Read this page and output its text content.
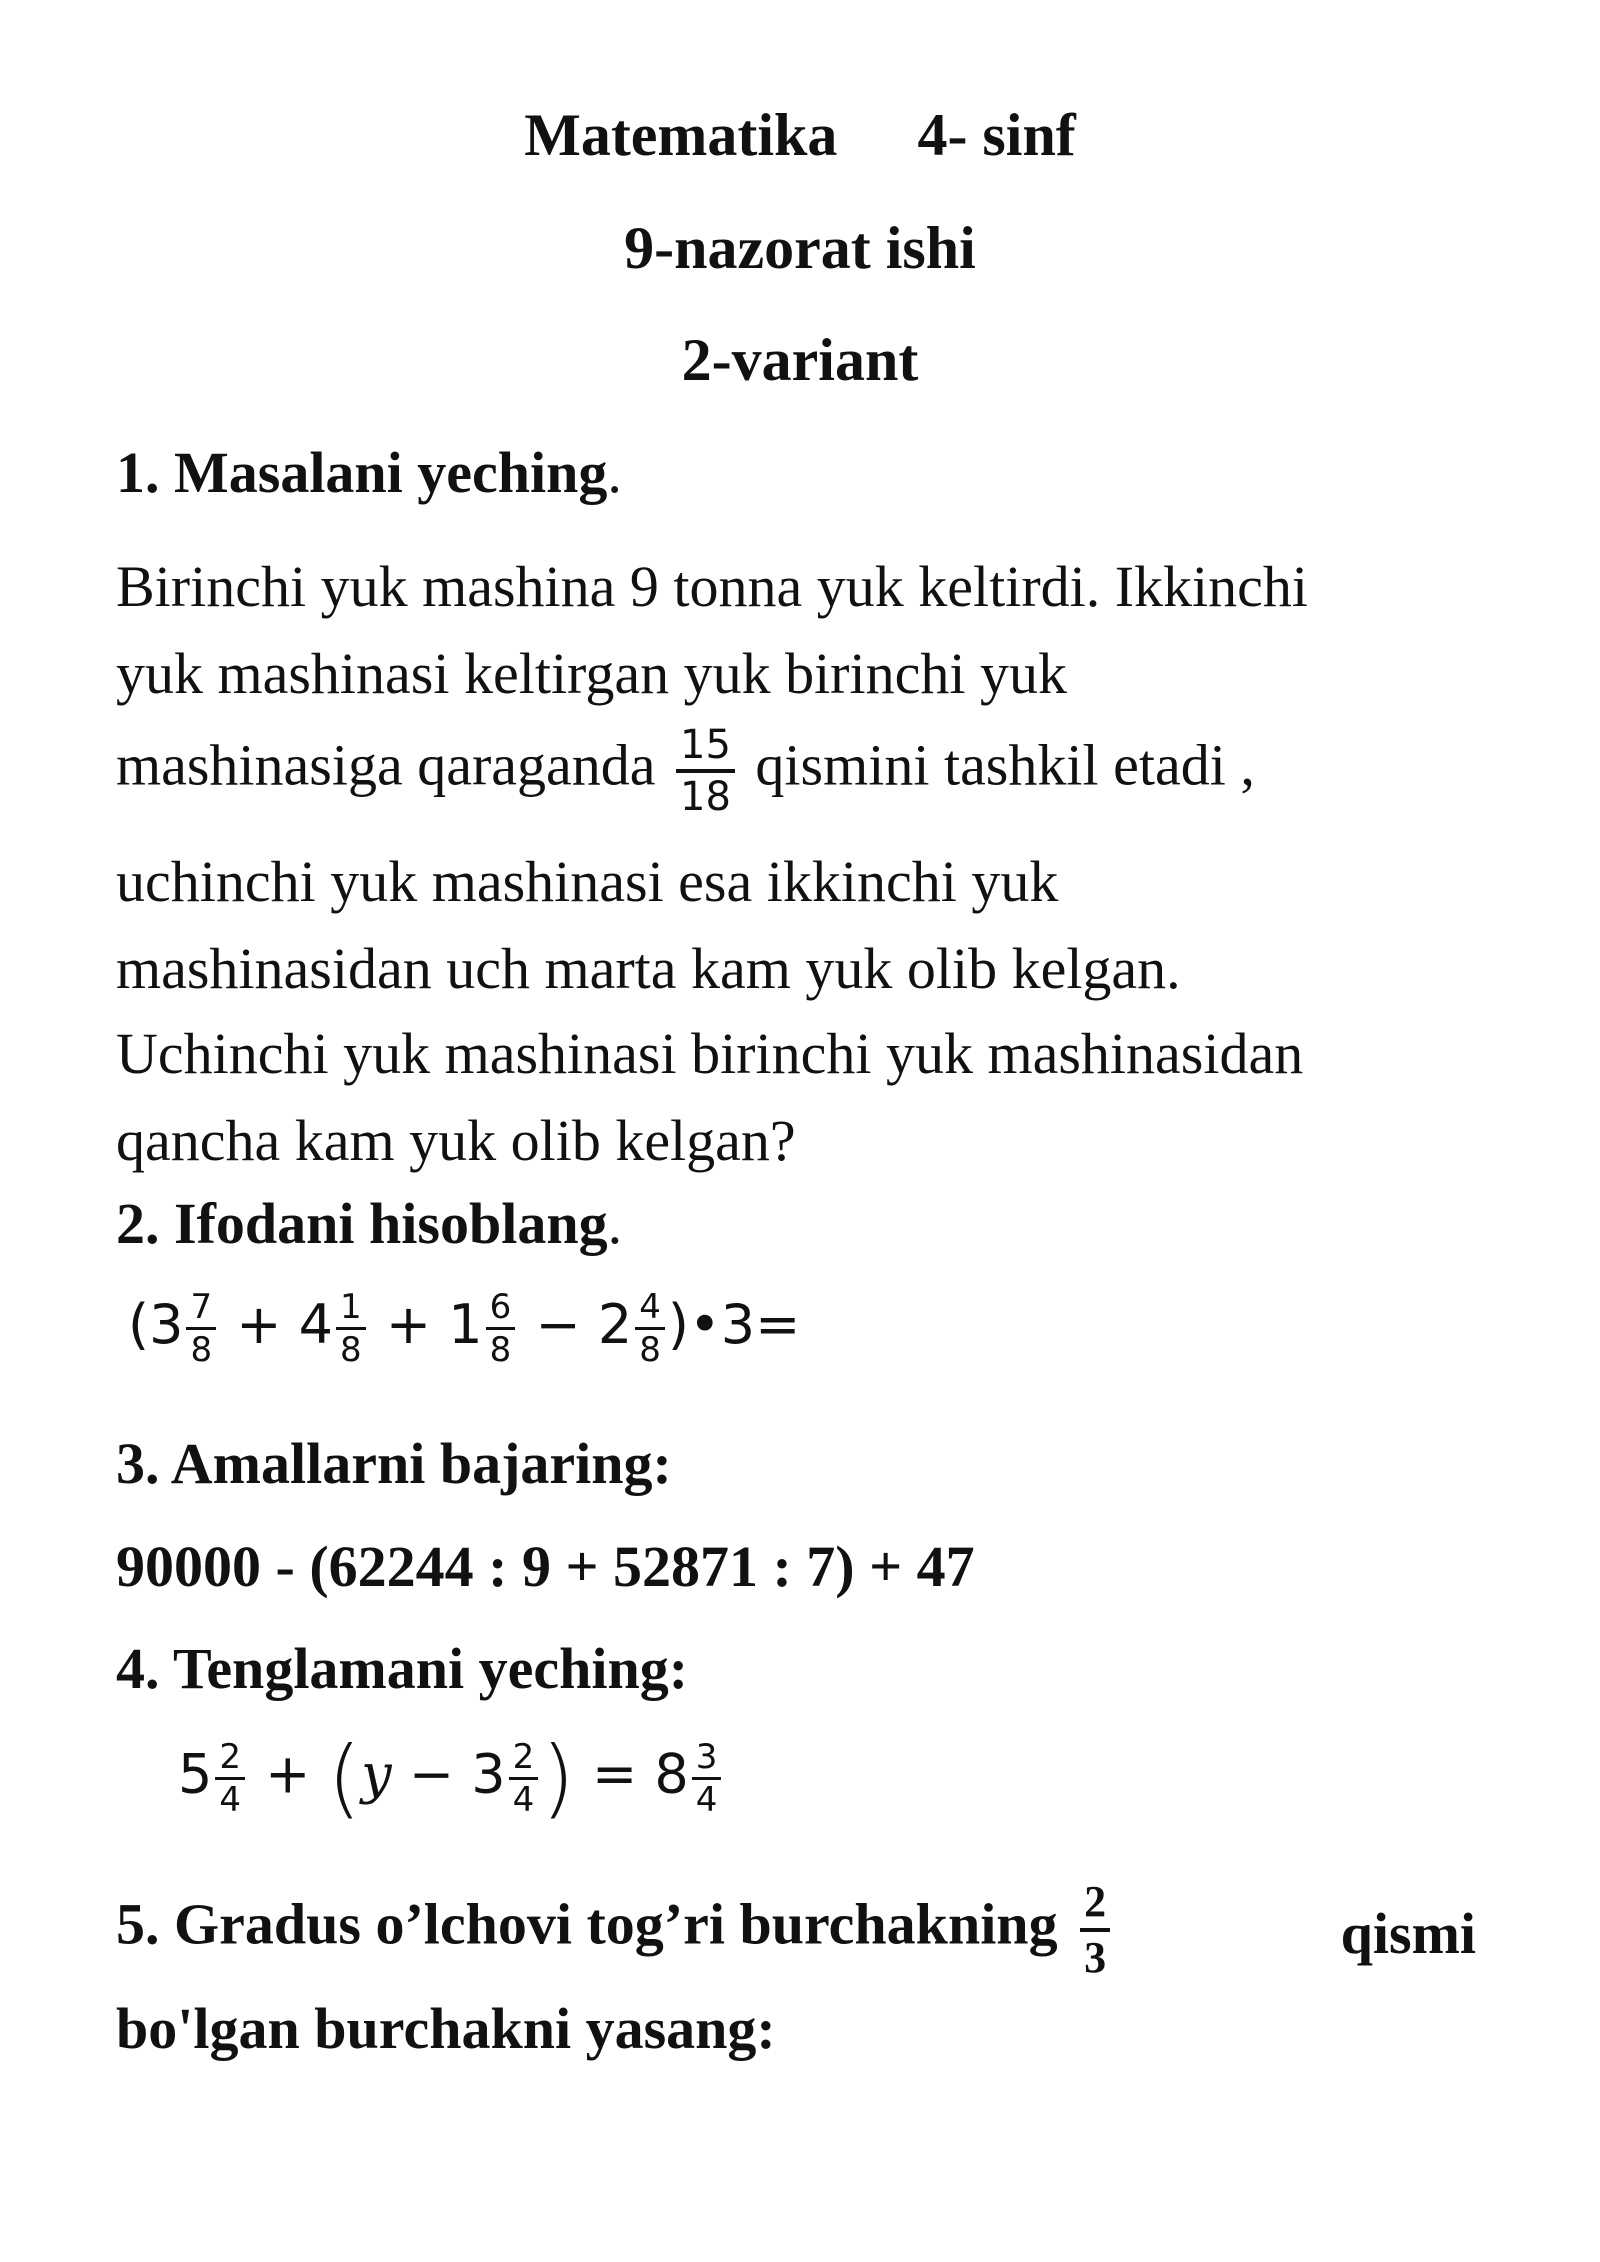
Matematika 4- sinf
9-nazorat ishi
2-variant
1. Masalani yeching.
Birinchi yuk mashina 9 tonna yuk keltirdi. Ikkinchi
yuk mashinasi keltirgan yuk birinchi yuk
mashinasiga qaraganda $\frac{15}{18}$ qismini tashkil etadi ,
uchinchi yuk mashinasi esa ikkinchi yuk
mashinasidan uch marta kam yuk olib kelgan.
Uchinchi yuk mashinasi birinchi yuk mashinasidan
qancha kam yuk olib kelgan?
2. Ifodani hisoblang.
($3 \frac{7}{8} + 4 \frac{1}{8} + 1 \frac{6}{8} - 2 \frac{4}{8}$ )•3=
3. Amallarni bajaring:
90000 - (62244 : 9 + 52871 : 7) + 47
4. Tenglamani yeching:
$5 \frac{2}{4} + (y - 3 \frac{2}{4}$ ) = $8 \frac{3}{4}$
5. Gradus o’lchovi tog’ri burchakning $\frac{2}{3}$	qismi
bo'lgan burchakni yasang:
